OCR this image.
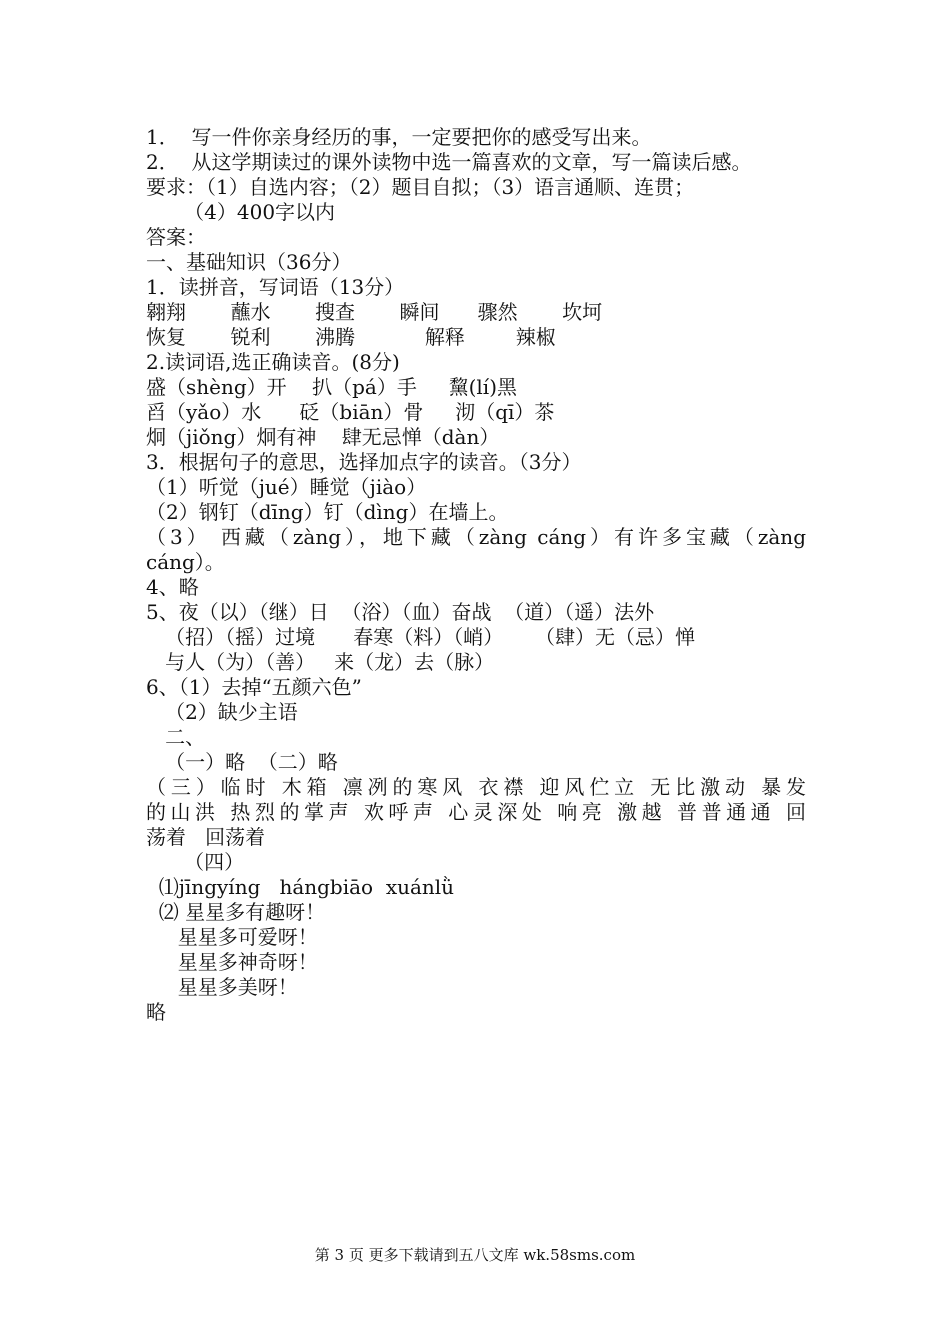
1．  写一件你亲身经历的事，一定要把你的感受写出来。
2．  从这学期读过的课外读物中选一篇喜欢的文章，写一篇读后感。
要求：（1）自选内容；（2）题目自拟；（3）语言通顺、连贯；
（4）400字以内
答案：
一、基础知识（36分）
1．读拼音，写词语（13分）
翱翔       蘸水       搜查       瞬间      骤然       坎坷
恢复       锐利       沸腾           解释        辣椒
2.读词语,选正确读音。(8分)
盛（shèng）开    扒（pá）手     黧(lí)黑
舀（yǎo）水      砭（biān）骨     沏（qī）茶
炯（jiǒng）炯有神    肆无忌惮（dàn）
3．根据句子的意思，选择加点字的读音。（3分）
（1）听觉（jué）睡觉（jiào）
（2）钢钉（dīng）钉（dìng）在墙上。
（3） 西藏（zàng），地下藏（zàng cáng）有许多宝藏（zàng
cáng）。
4、略
5、夜（以）（继）日  （浴）（血）奋战  （道）（遥）法外
（招）（摇）过境      春寒（料）（峭）     （肆）无（忌）惮
与人（为）（善）   来（龙）去（脉）
6、（1）去掉“五颜六色”
（2）缺少主语
二、
（一）略  （二）略
（三）临时 木箱 凛冽的寒风 衣襟 迎风伫立 无比激动 暴发
的山洪 热烈的掌声 欢呼声 心灵深处 响亮 激越 普普通通 回
荡着   回荡着
（四）
⑴jīngyíng   hángbiāo  xuánlǜ
⑵ 星星多有趣呀！
星星多可爱呀！
星星多神奇呀！
星星多美呀！
略
第 3 页 更多下载请到五八文库 wk.58sms.com
